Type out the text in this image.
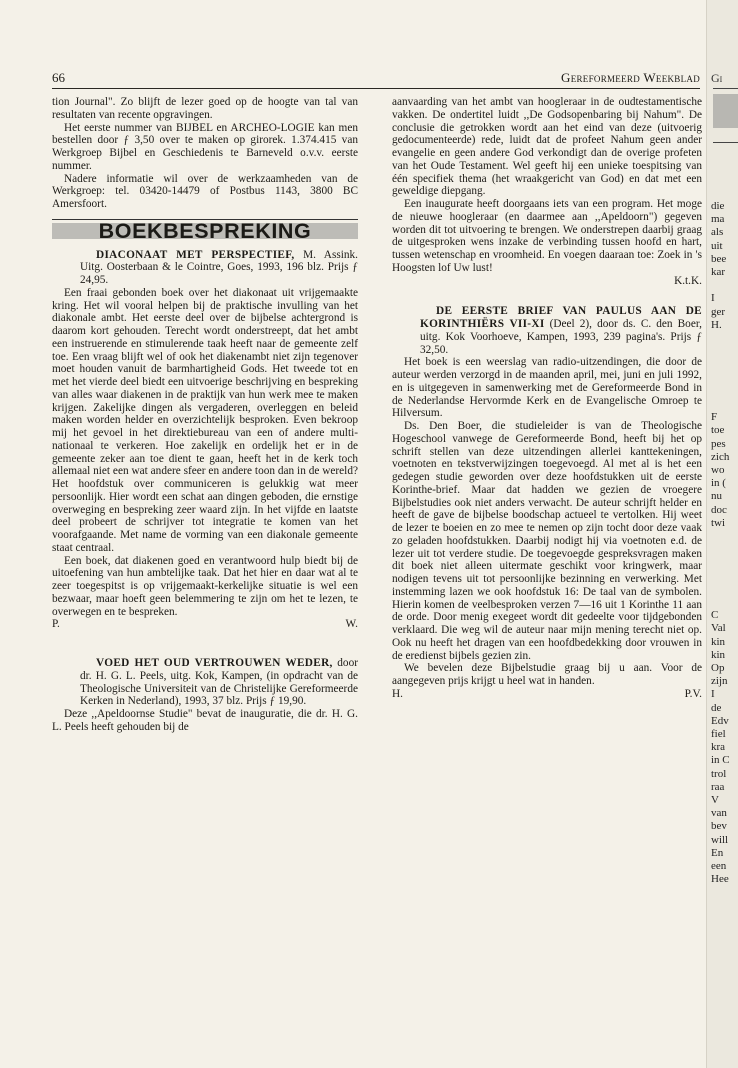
66	Gereformeerd Weekblad

tion Journal". Zo blijft de lezer goed op de hoogte van tal van resultaten van recente opgravingen.

Het eerste nummer van BIJBEL en ARCHEO-LOGIE kan men bestellen door ƒ 3,50 over te maken op girorek. 1.374.415 van Werkgroep Bijbel en Geschiedenis te Barneveld o.v.v. eerste nummer.

Nadere informatie wil over de werkzaamheden van de Werkgroep: tel. 03420-14479 of Postbus 1143, 3800 BC Amersfoort.

BOEKBESPREKING

DIACONAAT MET PERSPECTIEF, M. Assink. Uitg. Oosterbaan & le Cointre, Goes, 1993, 196 blz. Prijs ƒ 24,95.

Een fraai gebonden boek over het diakonaat uit vrijgemaakte kring. Het wil vooral helpen bij de praktische invulling van het diakonale ambt. Het eerste deel over de bijbelse achtergrond is daarom kort gehouden. Terecht wordt onderstreept, dat het ambt een instruerende en stimulerende taak heeft naar de gemeente zelf toe. Een vraag blijft wel of ook het diakenambt niet zijn tegenover moet houden vanuit de barmhartigheid Gods. Het tweede tot en met het vierde deel biedt een uitvoerige beschrijving en bespreking van alles waar diakenen in de praktijk van hun werk mee te maken krijgen. Zakelijke dingen als vergaderen, overleggen en beleid maken worden helder en overzichtelijk besproken. Even bekroop mij het gevoel in het direktiebureau van een of andere multi-nationaal te verkeren. Hoe zakelijk en ordelijk het er in de gemeente zeker aan toe dient te gaan, heeft het in de kerk toch allemaal niet een wat andere sfeer en andere toon dan in de wereld? Het hoofdstuk over communiceren is gelukkig wat meer persoonlijk. Hier wordt een schat aan dingen geboden, die ernstige overweging en bespreking zeer waard zijn. In het vijfde en laatste deel probeert de schrijver tot integratie te komen van het voorafgaande. Met name de vorming van een diakonale gemeente staat centraal.

Een boek, dat diakenen goed en verantwoord hulp biedt bij de uitoefening van hun ambtelijke taak. Dat het hier en daar wat al te zeer toegespitst is op vrijgemaakt-kerkelijke situatie is wel een bezwaar, maar hoeft geen belemmering te zijn om het te lezen, te overwegen en te bespreken.

P.	W.

VOED HET OUD VERTROUWEN WEDER, door dr. H. G. L. Peels, uitg. Kok, Kampen, (in opdracht van de Theologische Universiteit van de Christelijke Gereformeerde Kerken in Nederland), 1993, 37 blz. Prijs ƒ 19,90.

Deze ,,Apeldoornse Studie" bevat de inauguratie, die dr. H. G. L. Peels heeft gehouden bij de

aanvaarding van het ambt van hoogleraar in de oudtestamentische vakken. De ondertitel luidt ,,De Godsopenbaring bij Nahum". De conclusie die getrokken wordt aan het eind van deze (uitvoerig gedocumenteerde) rede, luidt dat de profeet Nahum geen ander evangelie en geen andere God verkondigt dan de overige profeten van het Oude Testament. Wel geeft hij een unieke toespitsing van één specifiek thema (het wraakgericht van God) en dat met een geweldige diepgang.

Een inaugurate heeft doorgaans iets van een program. Het moge de nieuwe hoogleraar (en daarmee aan ,,Apeldoorn") gegeven worden dit tot uitvoering te brengen. We onderstrepen daarbij graag de uitgesproken wens inzake de verbinding tussen hoofd en hart, tussen wetenschap en vroomheid. En voegen daaraan toe: Zoek in 's Hoogsten lof Uw lust!

K.t.K.

DE EERSTE BRIEF VAN PAULUS AAN DE KORINTHIËRS VII-XI (Deel 2), door ds. C. den Boer, uitg. Kok Voorhoeve, Kampen, 1993, 239 pagina's. Prijs ƒ 32,50.

Het boek is een weerslag van radio-uitzendingen, die door de auteur werden verzorgd in de maanden april, mei, juni en juli 1992, en is uitgegeven in samenwerking met de Gereformeerde Bond in de Nederlandse Hervormde Kerk en de Evangelische Omroep te Hilversum.

Ds. Den Boer, die studieleider is van de Theologische Hogeschool vanwege de Gereformeerde Bond, heeft bij het op schrift stellen van deze uitzendingen allerlei kanttekeningen, voetnoten en tekstverwijzingen toegevoegd. Al met al is het een gedegen studie geworden over deze hoofdstukken uit de eerste Korinthe-brief. Maar dat hadden we gezien de vroegere Bijbelstudies ook niet anders verwacht. De auteur schrijft helder en heeft de gave de bijbelse boodschap actueel te vertolken. Hij weet de lezer te boeien en zo mee te nemen op zijn tocht door deze vaak zo geladen hoofdstukken. Daarbij nodigt hij via voetnoten e.d. de lezer uit tot verdere studie. De toegevoegde gespreksvragen maken dit boek niet alleen uitermate geschikt voor kringwerk, maar nodigen tevens uit tot persoonlijke bezinning en verwerking. Met instemming lazen we ook hoofdstuk 16: De taal van de symbolen. Hierin komen de veelbesproken verzen 7—16 uit 1 Korinthe 11 aan de orde. Door menig exegeet wordt dit gedeelte voor tijdgebonden verklaard. Die weg wil de auteur naar mijn mening terecht niet op. Ook nu heeft het dragen van een hoofdbedekking door vrouwen in de eredienst bijbels gezien zin.

We bevelen deze Bijbelstudie graag bij u aan. Voor de aangegeven prijs krijgt u heel wat in handen.

H.	P.V.
Gi
die
ma
als
uit
bee
kar
I
ger
H.
F
toe
pes
zich
wo
in (
nu
doc
twi
C
Val
kin
kin
Op
zijn
I
de
Edv
fiel
kra
in C
trol
raa
V
van
bev
will
En
een
Hee
